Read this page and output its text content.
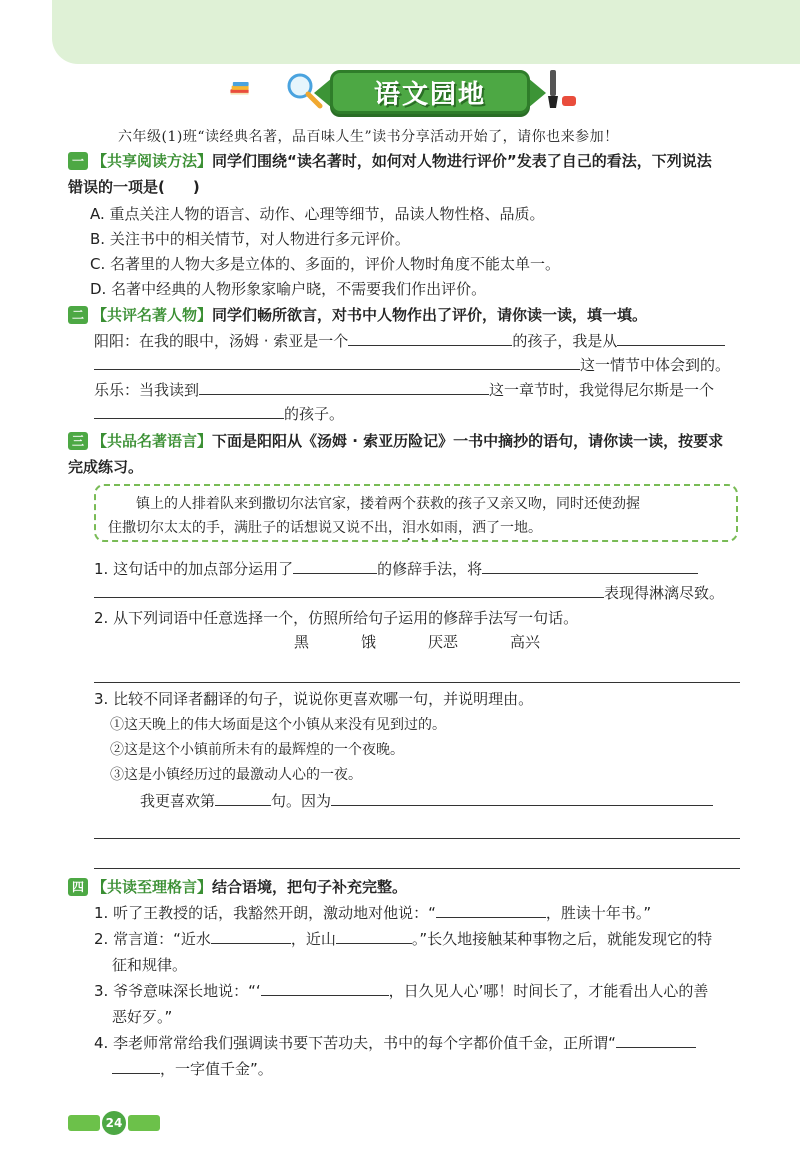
语文园地
六年级(1)班“读经典名著，品百味人生”读书分享活动开始了，请你也来参加！
一 【共享阅读方法】同学们围绕“读名著时，如何对人物进行评价”发表了自己的看法，下列说法
错误的一项是( )
A. 重点关注人物的语言、动作、心理等细节，品读人物性格、品质。
B. 关注书中的相关情节，对人物进行多元评价。
C. 名著里的人物大多是立体的、多面的，评价人物时角度不能太单一。
D. 名著中经典的人物形象家喻户晓，不需要我们作出评价。
二 【共评名著人物】同学们畅所欲言，对书中人物作出了评价，请你读一读，填一填。
阳阳：在我的眼中，汤姆 · 索亚是一个	的孩子，我是从
这一情节中体会到的。
乐乐：当我读到	这一章节时，我觉得尼尔斯是一个
的孩子。
三 【共品名著语言】下面是阳阳从《汤姆 · 索亚历险记》一书中摘抄的语句，请你读一读，按要求
完成练习。
镇上的人排着队来到撒切尔法官家，搂着两个获救的孩子又亲又吻，同时还使劲握
住撒切尔太太的手，满肚子的话想说又说不出，泪水如雨，洒了一地。
1. 这句话中的加点部分运用了	的修辞手法，将
表现得淋漓尽致。
2. 从下列词语中任意选择一个，仿照所给句子运用的修辞手法写一句话。
黑	饿	厌恶	高兴
3. 比较不同译者翻译的句子，说说你更喜欢哪一句，并说明理由。
①这天晚上的伟大场面是这个小镇从来没有见到过的。
②这是这个小镇前所未有的最辉煌的一个夜晚。
③这是小镇经历过的最激动人心的一夜。
我更喜欢第	句。因为
四 【共读至理格言】结合语境，把句子补充完整。
1. 听了王教授的话，我豁然开朗，激动地对他说：“	，胜读十年书。”
2. 常言道：“近水	，近山	。”长久地接触某种事物之后，就能发现它的特
征和规律。
3. 爷爷意味深长地说：“‘	，日久见人心’哪！时间长了，才能看出人心的善
恶好歹。”
4. 李老师常常给我们强调读书要下苦功夫，书中的每个字都价值千金，正所谓“
，一字值千金”。
24
